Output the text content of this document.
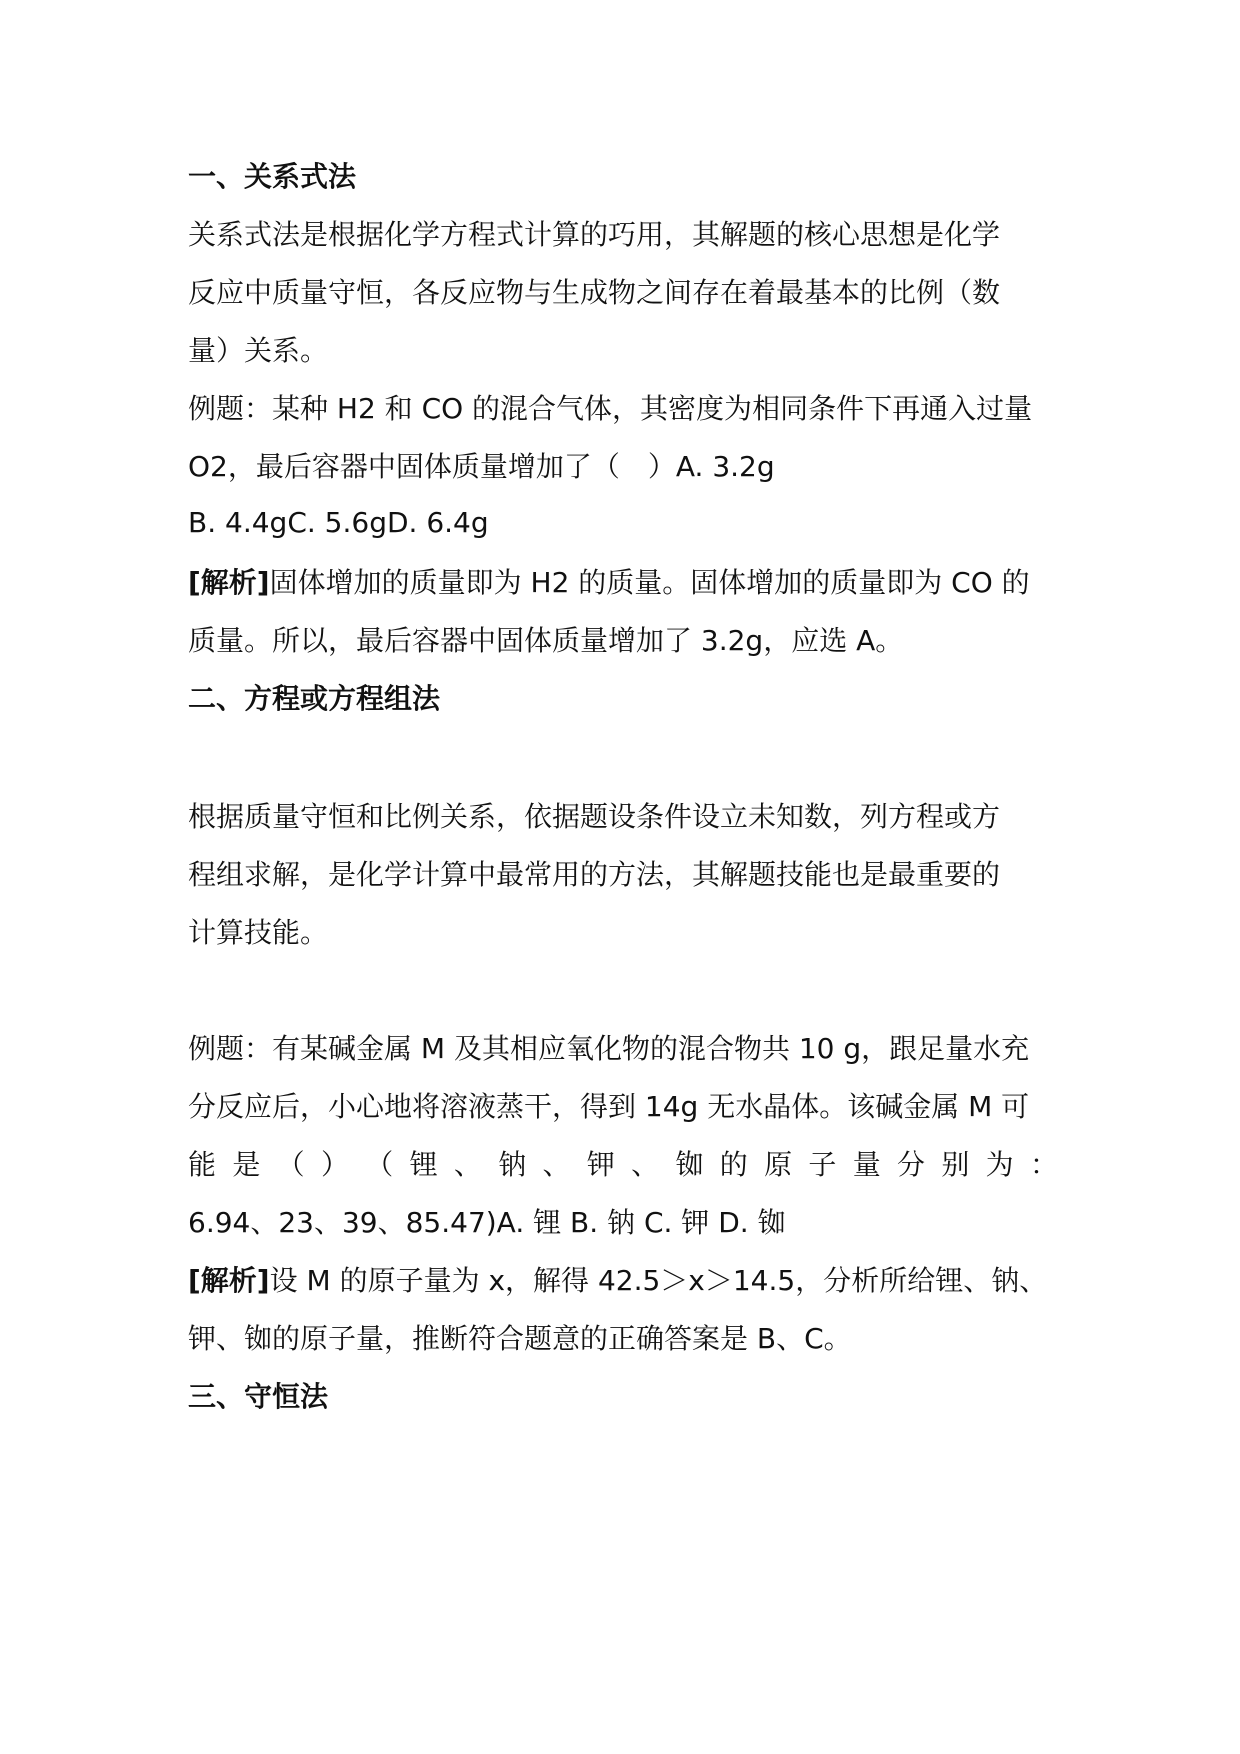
一、关系式法
关系式法是根据化学方程式计算的巧用，其解题的核心思想是化学
反应中质量守恒，各反应物与生成物之间存在着最基本的比例（数
量）关系。
例题：某种 H2 和 CO 的混合气体，其密度为相同条件下再通入过量
O2，最后容器中固体质量增加了（　）A. 3.2g
B. 4.4gC. 5.6gD. 6.4g
[解析]固体增加的质量即为 H2 的质量。固体增加的质量即为 CO 的
质量。所以，最后容器中固体质量增加了 3.2g，应选 A。
二、方程或方程组法
根据质量守恒和比例关系，依据题设条件设立未知数，列方程或方
程组求解，是化学计算中最常用的方法，其解题技能也是最重要的
计算技能。
例题：有某碱金属 M 及其相应氧化物的混合物共 10 g，跟足量水充
分反应后，小心地将溶液蒸干，得到 14g 无水晶体。该碱金属 M 可
能 是 （ ） （ 锂 、 钠 、 钾 、 铷 的 原 子 量 分 别 为 ：
6.94、23、39、85.47)A. 锂 B. 钠 C. 钾 D. 铷
[解析]设 M 的原子量为 x，解得 42.5＞x＞14.5，分析所给锂、钠、
钾、铷的原子量，推断符合题意的正确答案是 B、C。
三、守恒法
